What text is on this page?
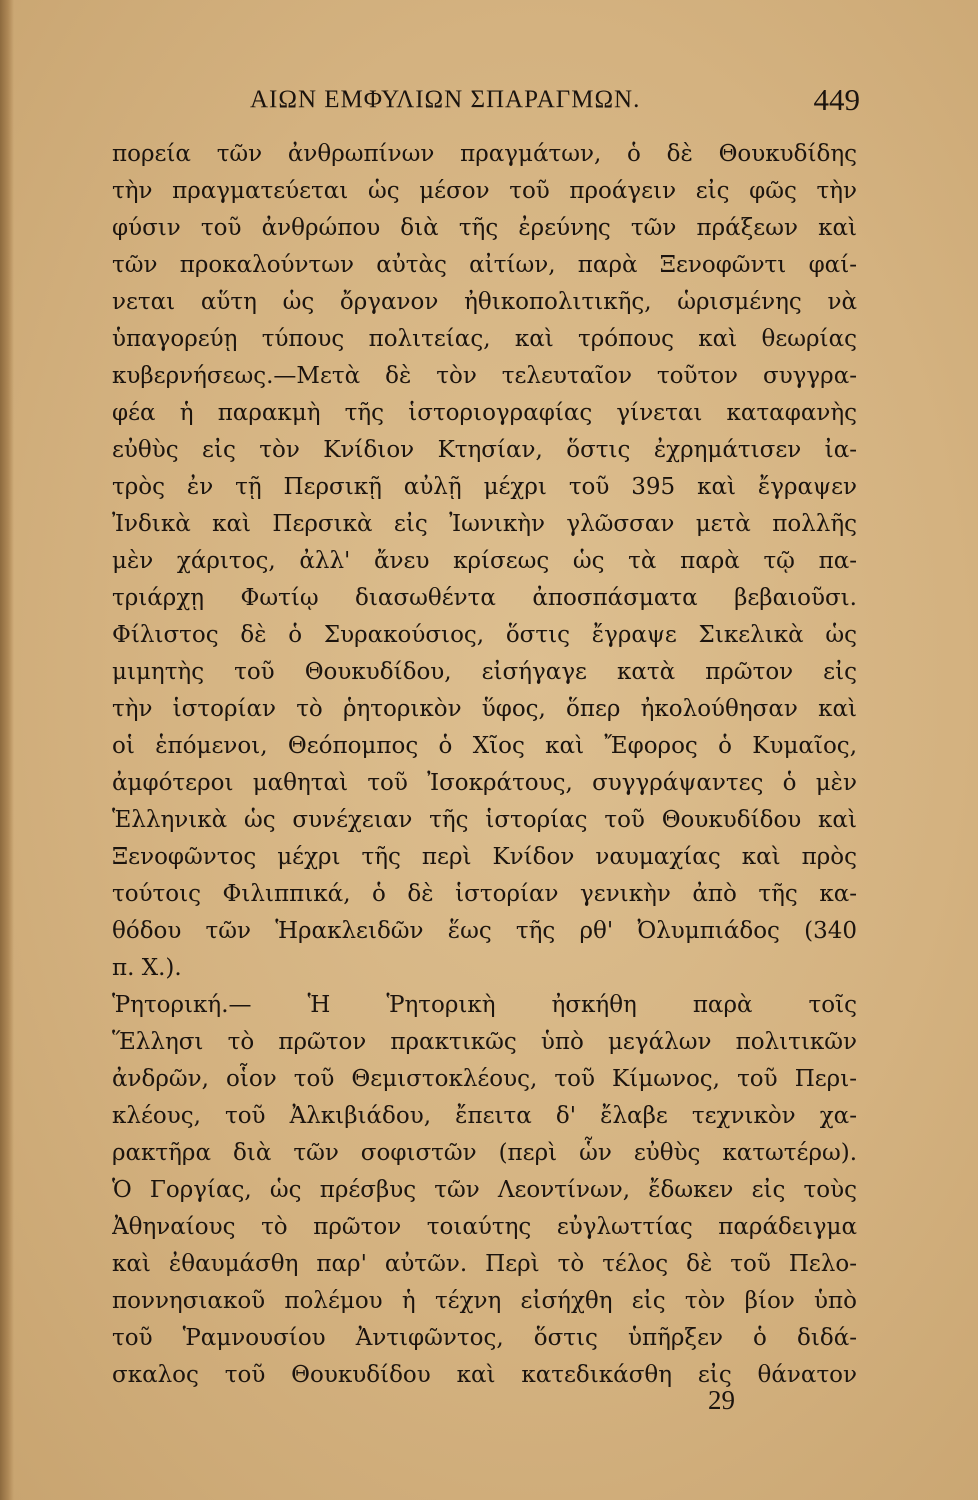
ΑΙΩΝ ΕΜΦΥΛΙΩΝ ΣΠΑΡΑΓΜΩΝ.	449
πορεία τῶν ἀνθρωπίνων πραγμάτων, ὁ δὲ Θουκυδίδης
τὴν πραγματεύεται ὡς μέσον τοῦ προάγειν εἰς φῶς τὴν
φύσιν τοῦ ἀνθρώπου διὰ τῆς ἐρεύνης τῶν πράξεων καὶ
τῶν προκαλούντων αὐτὰς αἰτίων, παρὰ Ξενοφῶντι φαί-
νεται αὕτη ὡς ὄργανον ἠθικοπολιτικῆς, ὡρισμένης νὰ
ὑπαγορεύῃ τύπους πολιτείας, καὶ τρόπους καὶ θεωρίας
κυβερνήσεως.—Μετὰ δὲ τὸν τελευταῖον τοῦτον συγγρα-
φέα ἡ παρακμὴ τῆς ἱστοριογραφίας γίνεται καταφανὴς
εὐθὺς εἰς τὸν Κνίδιον Κτησίαν, ὅστις ἐχρημάτισεν ἰα-
τρὸς ἐν τῇ Περσικῇ αὐλῇ μέχρι τοῦ 395 καὶ ἔγραψεν
Ἰνδικὰ καὶ Περσικὰ εἰς Ἰωνικὴν γλῶσσαν μετὰ πολλῆς
μὲν χάριτος, ἀλλ' ἄνευ κρίσεως ὡς τὰ παρὰ τῷ πα-
τριάρχῃ Φωτίῳ διασωθέντα ἀποσπάσματα βεβαιοῦσι.
Φίλιστος δὲ ὁ Συρακούσιος, ὅστις ἔγραψε Σικελικὰ ὡς
μιμητὴς τοῦ Θουκυδίδου, εἰσήγαγε κατὰ πρῶτον εἰς
τὴν ἱστορίαν τὸ ῥητορικὸν ὕφος, ὅπερ ἠκολούθησαν καὶ
οἱ ἑπόμενοι, Θεόπομπος ὁ Χῖος καὶ Ἔφορος ὁ Κυμαῖος,
ἀμφότεροι μαθηταὶ τοῦ Ἰσοκράτους, συγγράψαντες ὁ μὲν
Ἑλληνικὰ ὡς συνέχειαν τῆς ἱστορίας τοῦ Θουκυδίδου καὶ
Ξενοφῶντος μέχρι τῆς περὶ Κνίδον ναυμαχίας καὶ πρὸς
τούτοις Φιλιππικά, ὁ δὲ ἱστορίαν γενικὴν ἀπὸ τῆς κα-
θόδου τῶν Ἡρακλειδῶν ἕως τῆς ρθ' Ὀλυμπιάδος (340
π. Χ.).
Ῥητορική.— Ἡ Ῥητορικὴ ἠσκήθη παρὰ τοῖς
Ἕλλησι τὸ πρῶτον πρακτικῶς ὑπὸ μεγάλων πολιτικῶν
ἀνδρῶν, οἷον τοῦ Θεμιστοκλέους, τοῦ Κίμωνος, τοῦ Περι-
κλέους, τοῦ Ἀλκιβιάδου, ἔπειτα δ' ἔλαβε τεχνικὸν χα-
ρακτῆρα διὰ τῶν σοφιστῶν (περὶ ὧν εὐθὺς κατωτέρω).
Ὁ Γοργίας, ὡς πρέσβυς τῶν Λεοντίνων, ἔδωκεν εἰς τοὺς
Ἀθηναίους τὸ πρῶτον τοιαύτης εὐγλωττίας παράδειγμα
καὶ ἐθαυμάσθη παρ' αὐτῶν. Περὶ τὸ τέλος δὲ τοῦ Πελο-
ποννησιακοῦ πολέμου ἡ τέχνη εἰσήχθη εἰς τὸν βίον ὑπὸ
τοῦ Ῥαμνουσίου Ἀντιφῶντος, ὅστις ὑπῆρξεν ὁ διδά-
σκαλος τοῦ Θουκυδίδου καὶ κατεδικάσθη εἰς θάνατον
29
